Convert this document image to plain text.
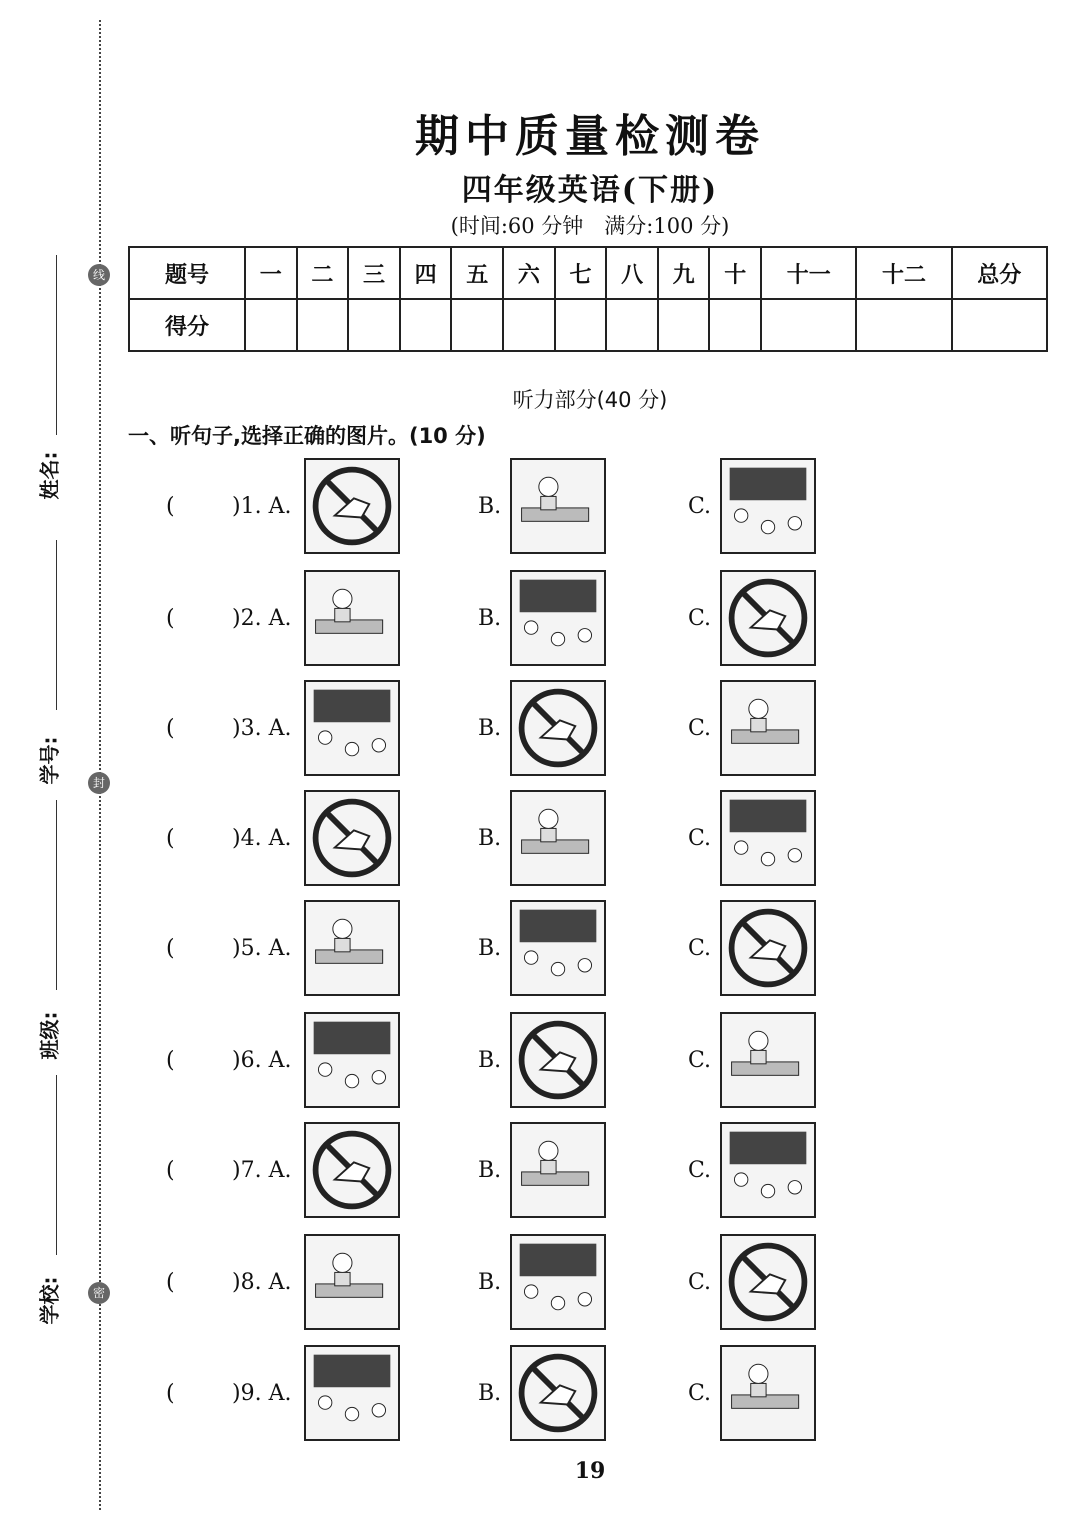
线
封
密
姓名:
学号:
班级:
学校:
期中质量检测卷
四年级英语(下册)
(时间:60 分钟　满分:100 分)
题号	一	二	三	四	五	六	七	八	九	十	十一	十二	总分
得分													
听力部分(40 分)
一、听句子,选择正确的图片。(10 分)
(	)1. A.	B.	C.
(	)2. A.	B.	C.
(	)3. A.	B.	C.
(	)4. A.	B.	C.
(	)5. A.	B.	C.
(	)6. A.	B.	C.
(	)7. A.	B.	C.
(	)8. A.	B.	C.
(	)9. A.	B.	C.
19
